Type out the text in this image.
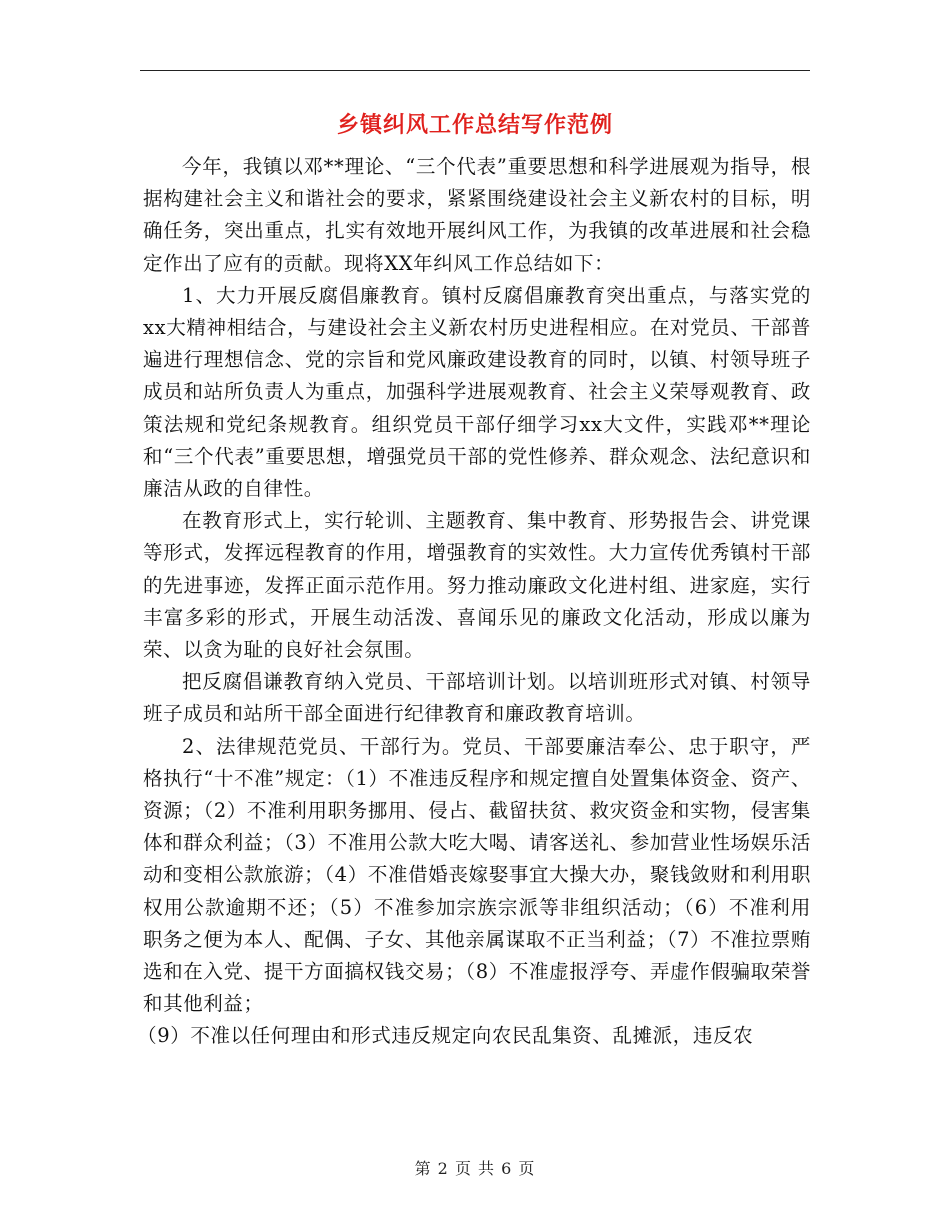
乡镇纠风工作总结写作范例

今年，我镇以邓**理论、“三个代表”重要思想和科学进展观为指导，根据构建社会主义和谐社会的要求，紧紧围绕建设社会主义新农村的目标，明确任务，突出重点，扎实有效地开展纠风工作，为我镇的改革进展和社会稳定作出了应有的贡献。现将XX年纠风工作总结如下：

1、大力开展反腐倡廉教育。镇村反腐倡廉教育突出重点，与落实党的xx大精神相结合，与建设社会主义新农村历史进程相应。在对党员、干部普遍进行理想信念、党的宗旨和党风廉政建设教育的同时，以镇、村领导班子成员和站所负责人为重点，加强科学进展观教育、社会主义荣辱观教育、政策法规和党纪条规教育。组织党员干部仔细学习xx大文件，实践邓**理论和“三个代表”重要思想，增强党员干部的党性修养、群众观念、法纪意识和廉洁从政的自律性。

在教育形式上，实行轮训、主题教育、集中教育、形势报告会、讲党课等形式，发挥远程教育的作用，增强教育的实效性。大力宣传优秀镇村干部的先进事迹，发挥正面示范作用。努力推动廉政文化进村组、进家庭，实行丰富多彩的形式，开展生动活泼、喜闻乐见的廉政文化活动，形成以廉为荣、以贪为耻的良好社会氛围。

把反腐倡谦教育纳入党员、干部培训计划。以培训班形式对镇、村领导班子成员和站所干部全面进行纪律教育和廉政教育培训。

2、法律规范党员、干部行为。党员、干部要廉洁奉公、忠于职守，严格执行“十不准”规定：（1）不准违反程序和规定擅自处置集体资金、资产、资源；（2）不准利用职务挪用、侵占、截留扶贫、救灾资金和实物，侵害集体和群众利益；（3）不准用公款大吃大喝、请客送礼、参加营业性场娱乐活动和变相公款旅游；（4）不准借婚丧嫁娶事宜大操大办，聚钱敛财和利用职权用公款逾期不还；（5）不准参加宗族宗派等非组织活动；（6）不准利用职务之便为本人、配偶、子女、其他亲属谋取不正当利益；（7）不准拉票贿选和在入党、提干方面搞权钱交易；（8）不准虚报浮夸、弄虚作假骗取荣誉和其他利益；

（9）不准以任何理由和形式违反规定向农民乱集资、乱摊派，违反农

第 2 页 共 6 页
